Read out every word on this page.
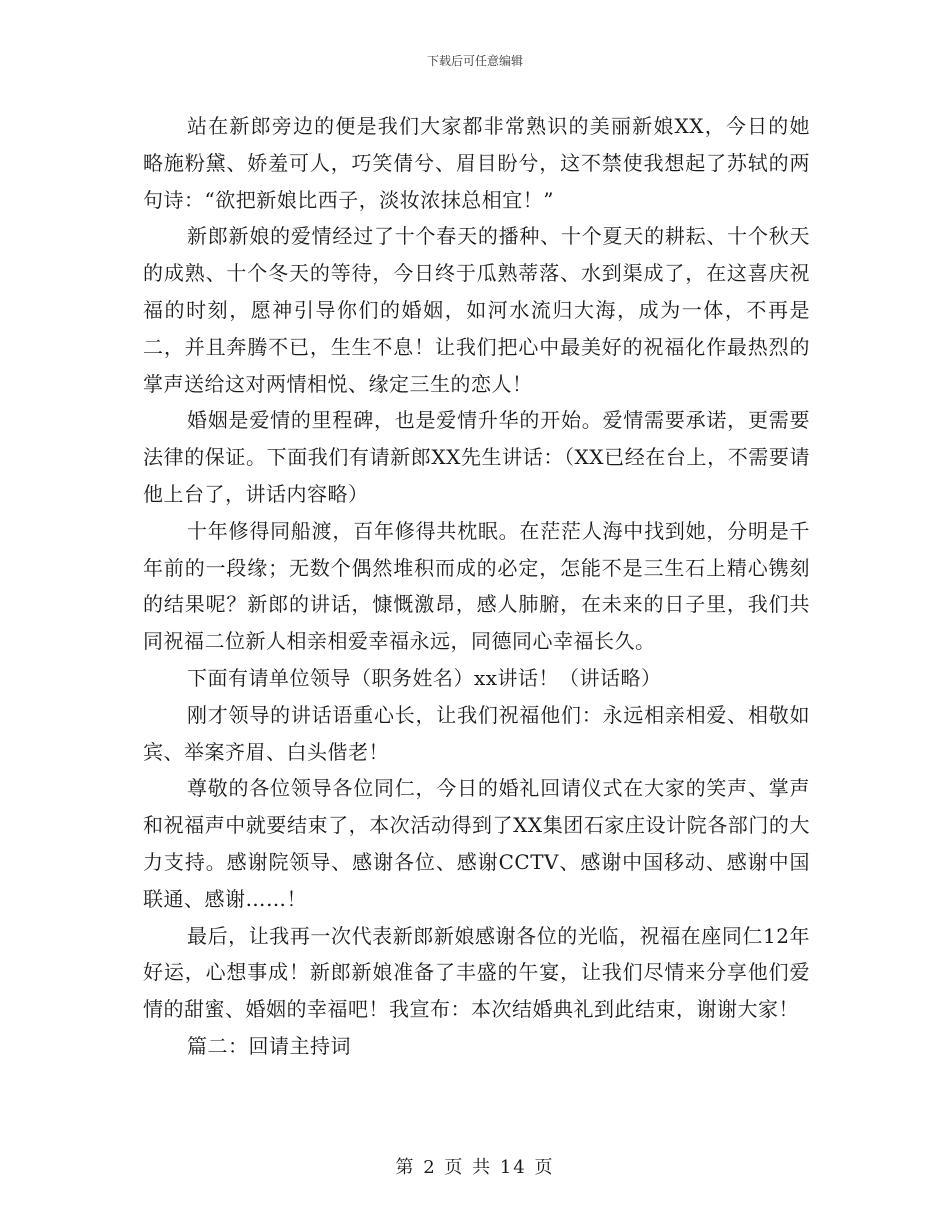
下载后可任意编辑

站在新郎旁边的便是我们大家都非常熟识的美丽新娘XX，今日的她略施粉黛、娇羞可人，巧笑倩兮、眉目盼兮，这不禁使我想起了苏轼的两句诗：“欲把新娘比西子，淡妆浓抹总相宜！”

新郎新娘的爱情经过了十个春天的播种、十个夏天的耕耘、十个秋天的成熟、十个冬天的等待，今日终于瓜熟蒂落、水到渠成了，在这喜庆祝福的时刻，愿神引导你们的婚姻，如河水流归大海，成为一体，不再是 二，并且奔腾不已，生生不息！让我们把心中最美好的祝福化作最热烈的掌声送给这对两情相悦、缘定三生的恋人！

婚姻是爱情的里程碑，也是爱情升华的开始。爱情需要承诺，更需要法律的保证。下面我们有请新郎XX先生讲话：（XX已经在台上，不需要请他上台了，讲话内容略）

十年修得同船渡，百年修得共枕眠。在茫茫人海中找到她，分明是千年前的一段缘；无数个偶然堆积而成的必定，怎能不是三生石上精心镌刻的结果呢？新郎的讲话，慷慨激昂，感人肺腑，在未来的日子里，我们共同祝福二位新人相亲相爱幸福永远，同德同心幸福长久。

下面有请单位领导（职务姓名）xx讲话！（讲话略）

刚才领导的讲话语重心长，让我们祝福他们：永远相亲相爱、相敬如宾、举案齐眉、白头偕老！

尊敬的各位领导各位同仁，今日的婚礼回请仪式在大家的笑声、掌声和祝福声中就要结束了，本次活动得到了XX集团石家庄设计院各部门的大力支持。感谢院领导、感谢各位、感谢CCTV、感谢中国移动、感谢中国联通、感谢……！

最后，让我再一次代表新郎新娘感谢各位的光临，祝福在座同仁12年好运，心想事成！新郎新娘准备了丰盛的午宴，让我们尽情来分享他们爱情的甜蜜、婚姻的幸福吧！我宣布：本次结婚典礼到此结束，谢谢大家！

篇二：回请主持词

第 2 页 共 14 页
